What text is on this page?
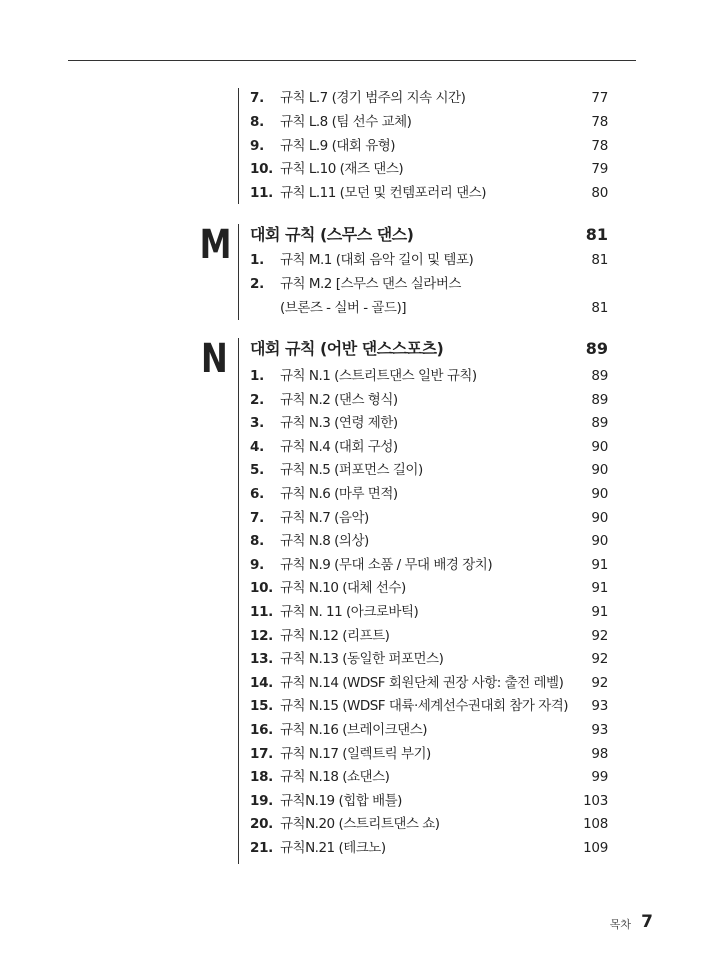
7. 규칙 L.7 (경기 범주의 지속 시간)	77
8. 규칙 L.8 (팀 선수 교체)	78
9. 규칙 L.9 (대회 유형)	78
10. 규칙 L.10 (재즈 댄스)	79
11. 규칙 L.11 (모던 및 컨템포러리 댄스)	80
M 대회 규칙 (스무스 댄스)	81
1. 규칙 M.1 (대회 음악 길이 및 템포)	81
2. 규칙 M.2 [스무스 댄스 실라버스
(브론즈 - 실버 - 골드)]	81
N 대회 규칙 (어반 댄스스포츠)	89
1. 규칙 N.1 (스트리트댄스 일반 규칙)	89
2. 규칙 N.2 (댄스 형식)	89
3. 규칙 N.3 (연령 제한)	89
4. 규칙 N.4 (대회 구성)	90
5. 규칙 N.5 (퍼포먼스 길이)	90
6. 규칙 N.6 (마루 면적)	90
7. 규칙 N.7 (음악)	90
8. 규칙 N.8 (의상)	90
9. 규칙 N.9 (무대 소품 / 무대 배경 장치)	91
10. 규칙 N.10 (대체 선수)	91
11. 규칙 N. 11 (아크로바틱)	91
12. 규칙 N.12 (리프트)	92
13. 규칙 N.13 (동일한 퍼포먼스)	92
14. 규칙 N.14 (WDSF 회원단체 권장 사항: 출전 레벨) 92
15. 규칙 N.15 (WDSF 대륙·세계선수권대회 참가 자격) 93
16. 규칙 N.16 (브레이크댄스)	93
17. 규칙 N.17 (일렉트릭 부기)	98
18. 규칙 N.18 (쇼댄스)	99
19. 규칙N.19 (힙합 배틀)	103
20. 규칙N.20 (스트리트댄스 쇼)	108
21. 규칙N.21 (테크노)	109
목차 7
